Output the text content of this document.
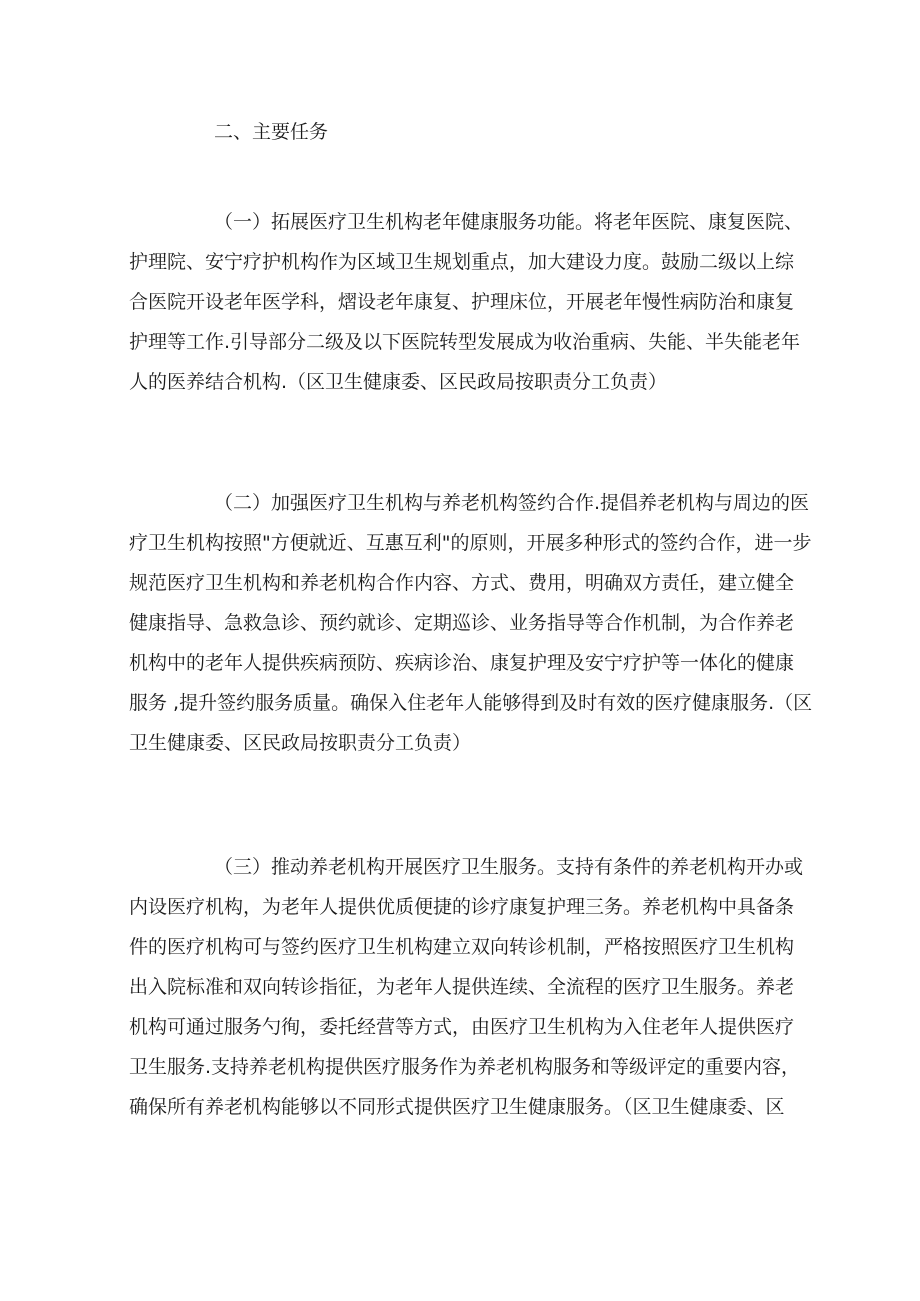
二、主要任务
（一）拓展医疗卫生机构老年健康服务功能。将老年医院、康复医院、
护理院、安宁疗护机构作为区域卫生规划重点，加大建设力度。鼓励二级以上综
合医院开设老年医学科，熠设老年康复、护理床位，开展老年慢性病防治和康复
护理等工作.引导部分二级及以下医院转型发展成为收治重病、失能、半失能老年
人的医养结合机构.（区卫生健康委、区民政局按职责分工负责）
（二）加强医疗卫生机构与养老机构签约合作.提倡养老机构与周边的医
疗卫生机构按照"方便就近、互惠互利"的原则，开展多种形式的签约合作，进一步
规范医疗卫生机构和养老机构合作内容、方式、费用，明确双方责任，建立健全
健康指导、急救急诊、预约就诊、定期巡诊、业务指导等合作机制，为合作养老
机构中的老年人提供疾病预防、疾病诊治、康复护理及安宁疗护等一体化的健康
服务 ,提升签约服务质量。确保入住老年人能够得到及时有效的医疗健康服务.（区
卫生健康委、区民政局按职责分工负责）
（三）推动养老机构开展医疗卫生服务。支持有条件的养老机构开办或
内设医疗机构，为老年人提供优质便捷的诊疗康复护理三务。养老机构中具备条
件的医疗机构可与签约医疗卫生机构建立双向转诊机制，严格按照医疗卫生机构
出入院标准和双向转诊指征，为老年人提供连续、全流程的医疗卫生服务。养老
机构可通过服务勺徇，委托经营等方式，由医疗卫生机构为入住老年人提供医疗
卫生服务.支持养老机构提供医疗服务作为养老机构服务和等级评定的重要内容，
确保所有养老机构能够以不同形式提供医疗卫生健康服务。（区卫生健康委、区
